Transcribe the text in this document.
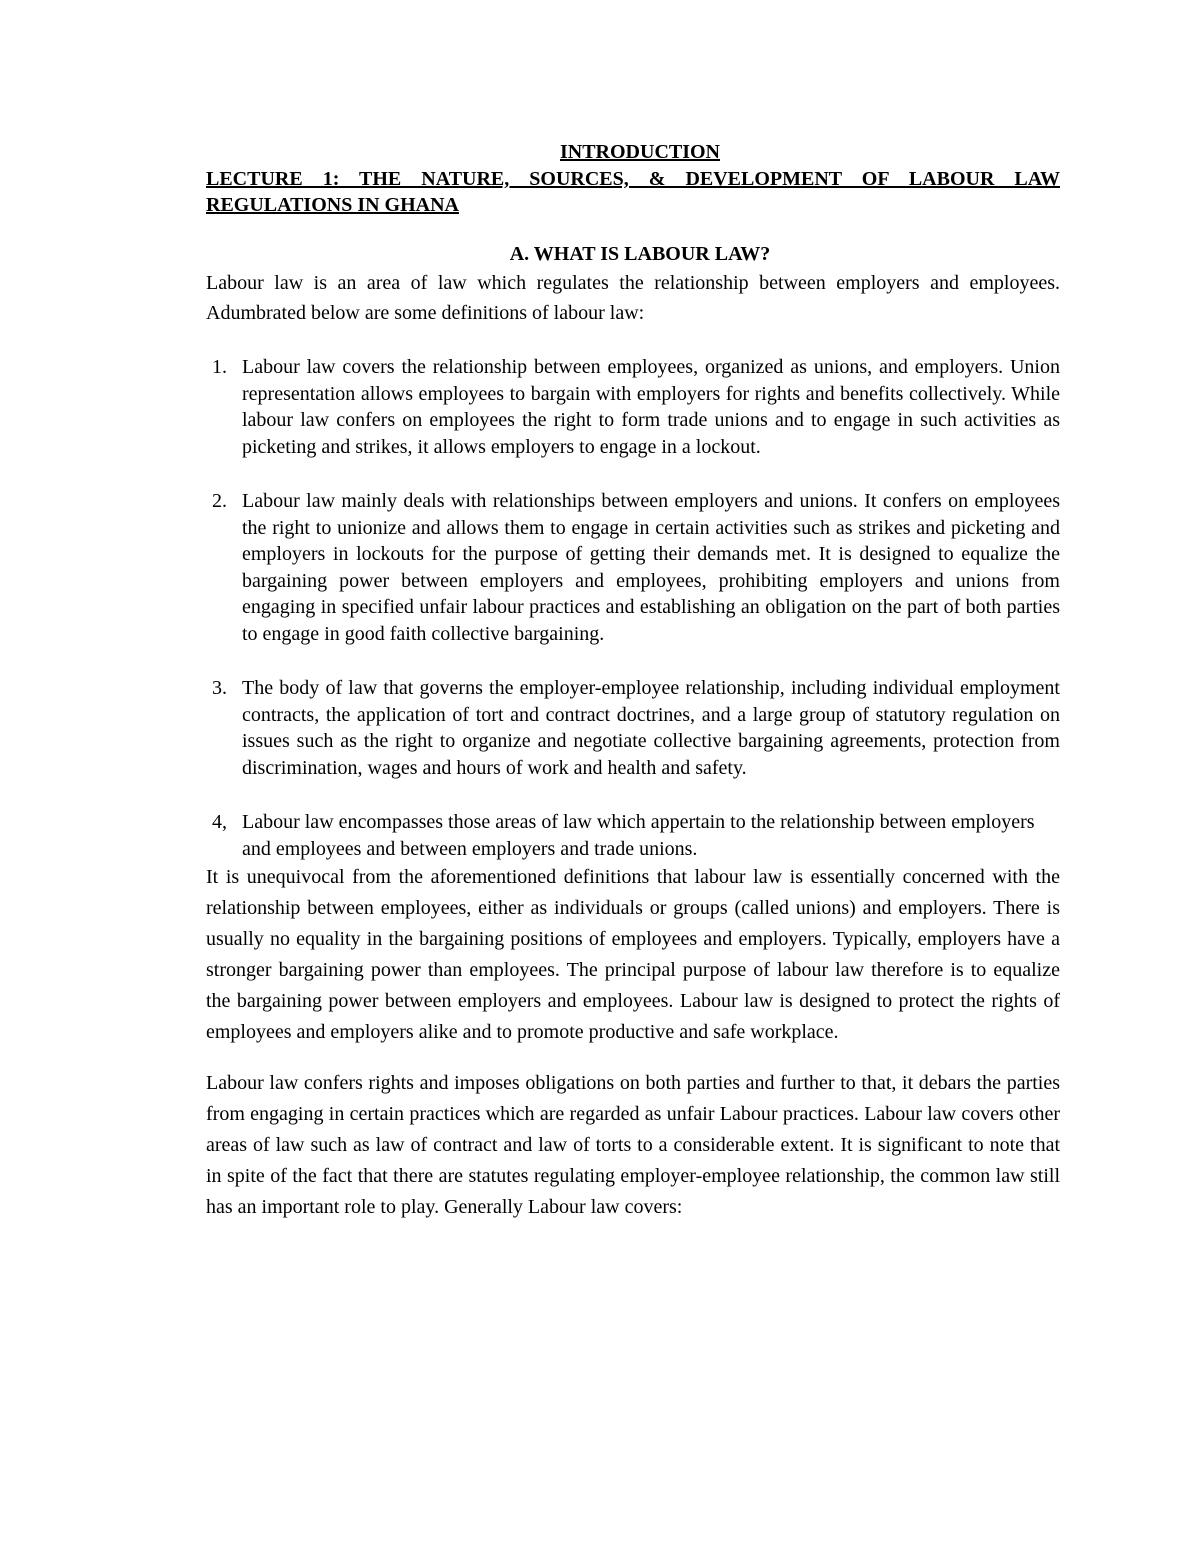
INTRODUCTION

LECTURE 1: THE NATURE, SOURCES, & DEVELOPMENT OF LABOUR LAW REGULATIONS IN GHANA

A. WHAT IS LABOUR LAW?

Labour law is an area of law which regulates the relationship between employers and employees. Adumbrated below are some definitions of labour law:

1. Labour law covers the relationship between employees, organized as unions, and employers. Union representation allows employees to bargain with employers for rights and benefits collectively. While labour law confers on employees the right to form trade unions and to engage in such activities as picketing and strikes, it allows employers to engage in a lockout.
2. Labour law mainly deals with relationships between employers and unions. It confers on employees the right to unionize and allows them to engage in certain activities such as strikes and picketing and employers in lockouts for the purpose of getting their demands met. It is designed to equalize the bargaining power between employers and employees, prohibiting employers and unions from engaging in specified unfair labour practices and establishing an obligation on the part of both parties to engage in good faith collective bargaining.
3. The body of law that governs the employer-employee relationship, including individual employment contracts, the application of tort and contract doctrines, and a large group of statutory regulation on issues such as the right to organize and negotiate collective bargaining agreements, protection from discrimination, wages and hours of work and health and safety.
4, Labour law encompasses those areas of law which appertain to the relationship between employers and employees and between employers and trade unions.

It is unequivocal from the aforementioned definitions that labour law is essentially concerned with the relationship between employees, either as individuals or groups (called unions) and employers. There is usually no equality in the bargaining positions of employees and employers. Typically, employers have a stronger bargaining power than employees. The principal purpose of labour law therefore is to equalize the bargaining power between employers and employees. Labour law is designed to protect the rights of employees and employers alike and to promote productive and safe workplace.

Labour law confers rights and imposes obligations on both parties and further to that, it debars the parties from engaging in certain practices which are regarded as unfair Labour practices. Labour law covers other areas of law such as law of contract and law of torts to a considerable extent. It is significant to note that in spite of the fact that there are statutes regulating employer-employee relationship, the common law still has an important role to play. Generally Labour law covers:
